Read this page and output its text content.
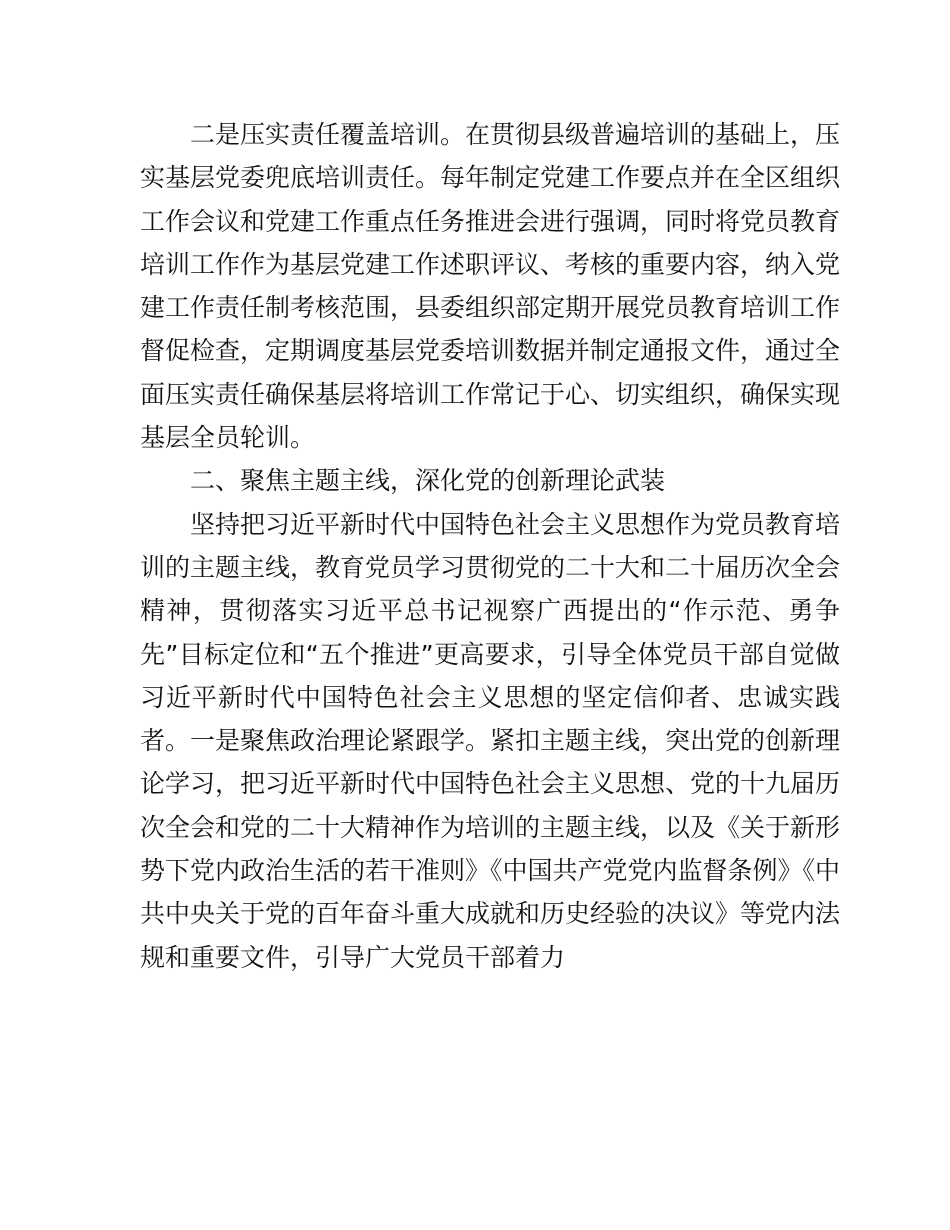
二是压实责任覆盖培训。在贯彻县级普遍培训的基础上，压实基层党委兜底培训责任。每年制定党建工作要点并在全区组织工作会议和党建工作重点任务推进会进行强调，同时将党员教育培训工作作为基层党建工作述职评议、考核的重要内容，纳入党建工作责任制考核范围，县委组织部定期开展党员教育培训工作督促检查，定期调度基层党委培训数据并制定通报文件，通过全面压实责任确保基层将培训工作常记于心、切实组织，确保实现基层全员轮训。

二、聚焦主题主线，深化党的创新理论武装

坚持把习近平新时代中国特色社会主义思想作为党员教育培训的主题主线，教育党员学习贯彻党的二十大和二十届历次全会精神，贯彻落实习近平总书记视察广西提出的“作示范、勇争先”目标定位和“五个推进”更高要求，引导全体党员干部自觉做习近平新时代中国特色社会主义思想的坚定信仰者、忠诚实践者。一是聚焦政治理论紧跟学。紧扣主题主线，突出党的创新理论学习，把习近平新时代中国特色社会主义思想、党的十九届历次全会和党的二十大精神作为培训的主题主线，以及《关于新形势下党内政治生活的若干准则》《中国共产党党内监督条例》《中共中央关于党的百年奋斗重大成就和历史经验的决议》等党内法规和重要文件，引导广大党员干部着力
